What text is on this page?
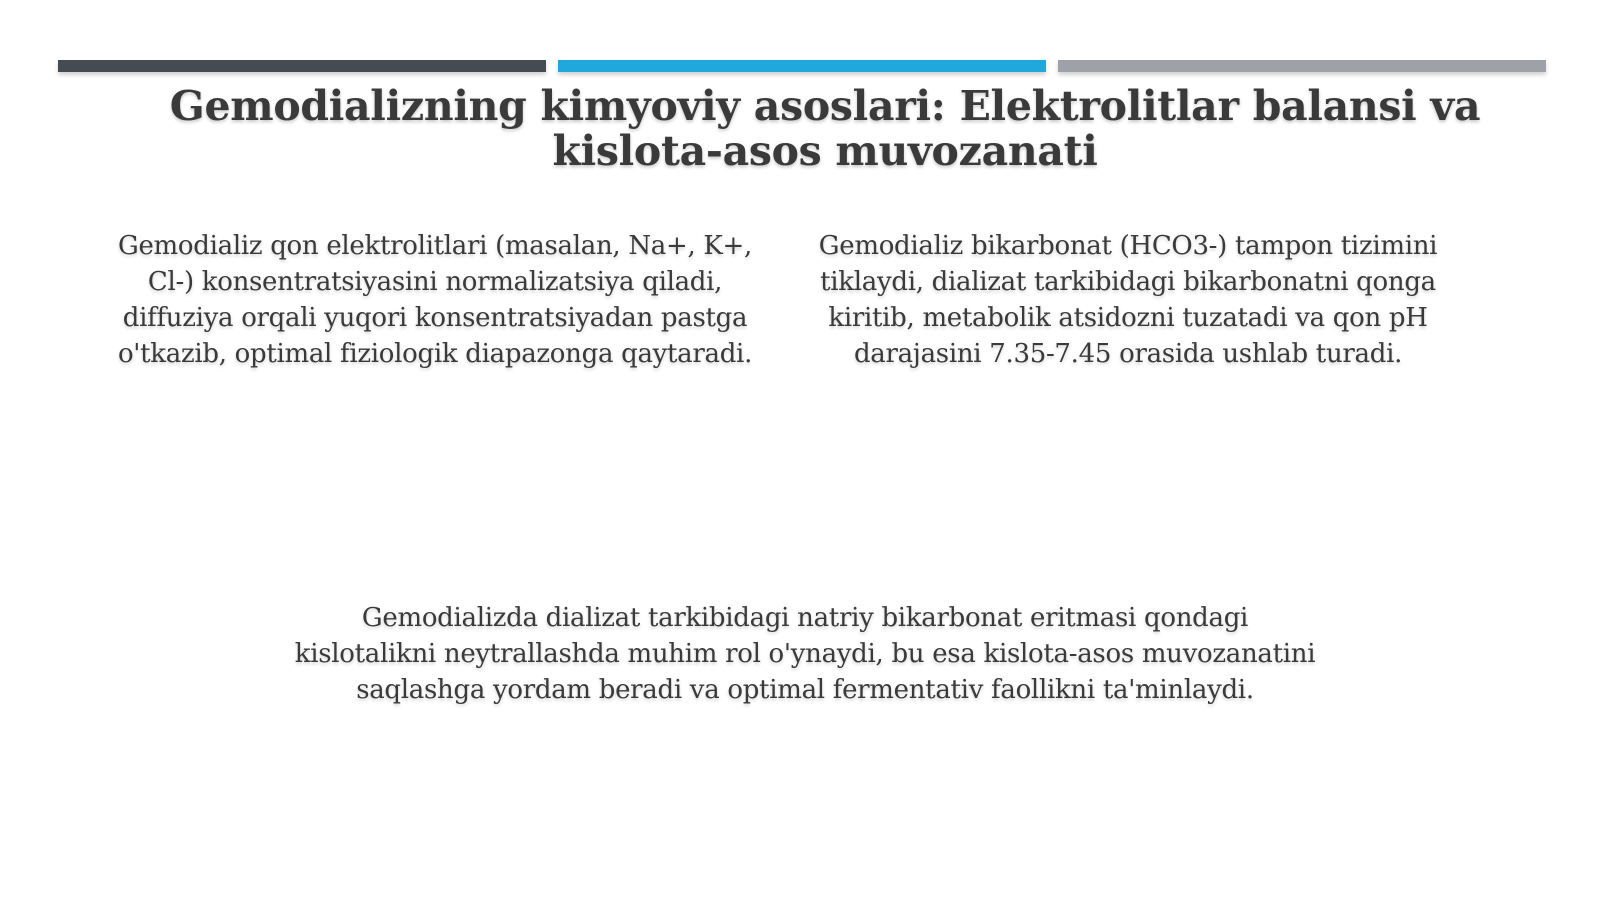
Gemodializning kimyoviy asoslari: Elektrolitlar balansi va kislota-asos muvozanati

Gemodializ qon elektrolitlari (masalan, Na+, K+, Cl-) konsentratsiyasini normalizatsiya qiladi, diffuziya orqali yuqori konsentratsiyadan pastga o'tkazib, optimal fiziologik diapazonga qaytaradi.

Gemodializ bikarbonat (HCO3-) tampon tizimini tiklaydi, dializat tarkibidagi bikarbonatni qonga kiritib, metabolik atsidozni tuzatadi va qon pH darajasini 7.35-7.45 orasida ushlab turadi.

Gemodializda dializat tarkibidagi natriy bikarbonat eritmasi qondagi kislotalikni neytrallashda muhim rol o'ynaydi, bu esa kislota-asos muvozanatini saqlashga yordam beradi va optimal fermentativ faollikni ta'minlaydi.
